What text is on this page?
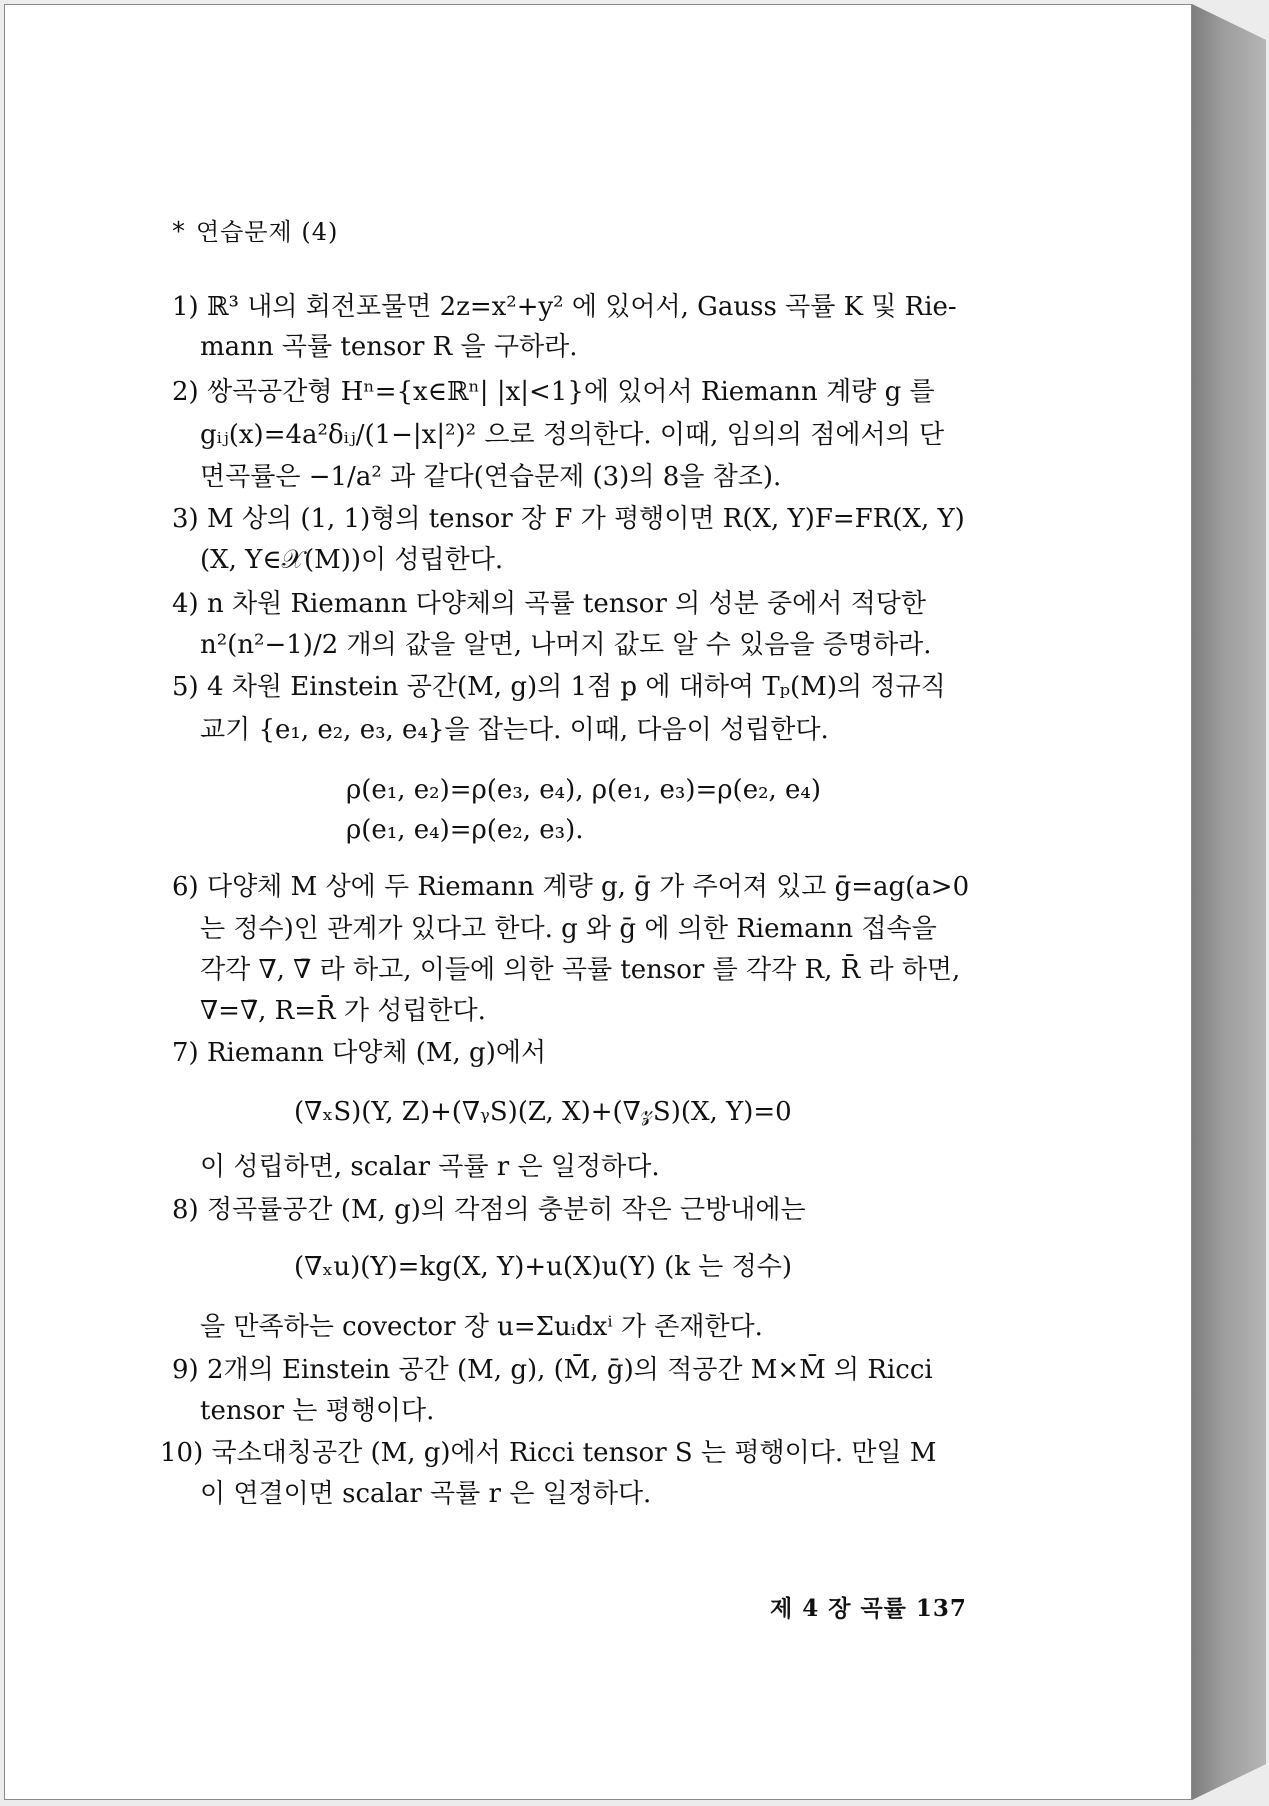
* 연습문제 (4)
1) ℝ³ 내의 회전포물면 2z=x²+y² 에 있어서, Gauss 곡률 K 및 Rie-
mann 곡률 tensor R 을 구하라.
2) 쌍곡공간형 Hⁿ={x∈ℝⁿ| |x|<1}에 있어서 Riemann 계량 g 를
gᵢⱼ(x)=4a²δᵢⱼ/(1−|x|²)² 으로 정의한다. 이때, 임의의 점에서의 단
면곡률은 −1/a² 과 같다(연습문제 (3)의 8을 참조).
3) M 상의 (1, 1)형의 tensor 장 F 가 평행이면 R(X, Y)F=FR(X, Y)
(X, Y∈𝒳(M))이 성립한다.
4) n 차원 Riemann 다양체의 곡률 tensor 의 성분 중에서 적당한
n²(n²−1)/2 개의 값을 알면, 나머지 값도 알 수 있음을 증명하라.
5) 4 차원 Einstein 공간(M, g)의 1점 p 에 대하여 Tₚ(M)의 정규직
교기 {e₁, e₂, e₃, e₄}을 잡는다. 이때, 다음이 성립한다.
ρ(e₁, e₂)=ρ(e₃, e₄), ρ(e₁, e₃)=ρ(e₂, e₄)
ρ(e₁, e₄)=ρ(e₂, e₃).
6) 다양체 M 상에 두 Riemann 계량 g, ḡ 가 주어져 있고 ḡ=ag(a>0
는 정수)인 관계가 있다고 한다. g 와 ḡ 에 의한 Riemann 접속을
각각 ∇, ∇̄ 라 하고, 이들에 의한 곡률 tensor 를 각각 R, R̄ 라 하면,
∇=∇̄, R=R̄ 가 성립한다.
7) Riemann 다양체 (M, g)에서
(∇ₓS)(Y, Z)+(∇ᵧS)(Z, X)+(∇𝓏S)(X, Y)=0
이 성립하면, scalar 곡률 r 은 일정하다.
8) 정곡률공간 (M, g)의 각점의 충분히 작은 근방내에는
(∇ₓu)(Y)=kg(X, Y)+u(X)u(Y) (k 는 정수)
을 만족하는 covector 장 u=Σuᵢdxⁱ 가 존재한다.
9) 2개의 Einstein 공간 (M, g), (M̄, ḡ)의 적공간 M×M̄ 의 Ricci
tensor 는 평행이다.
10) 국소대칭공간 (M, g)에서 Ricci tensor S 는 평행이다. 만일 M
이 연결이면 scalar 곡률 r 은 일정하다.
제 4 장 곡률 137
